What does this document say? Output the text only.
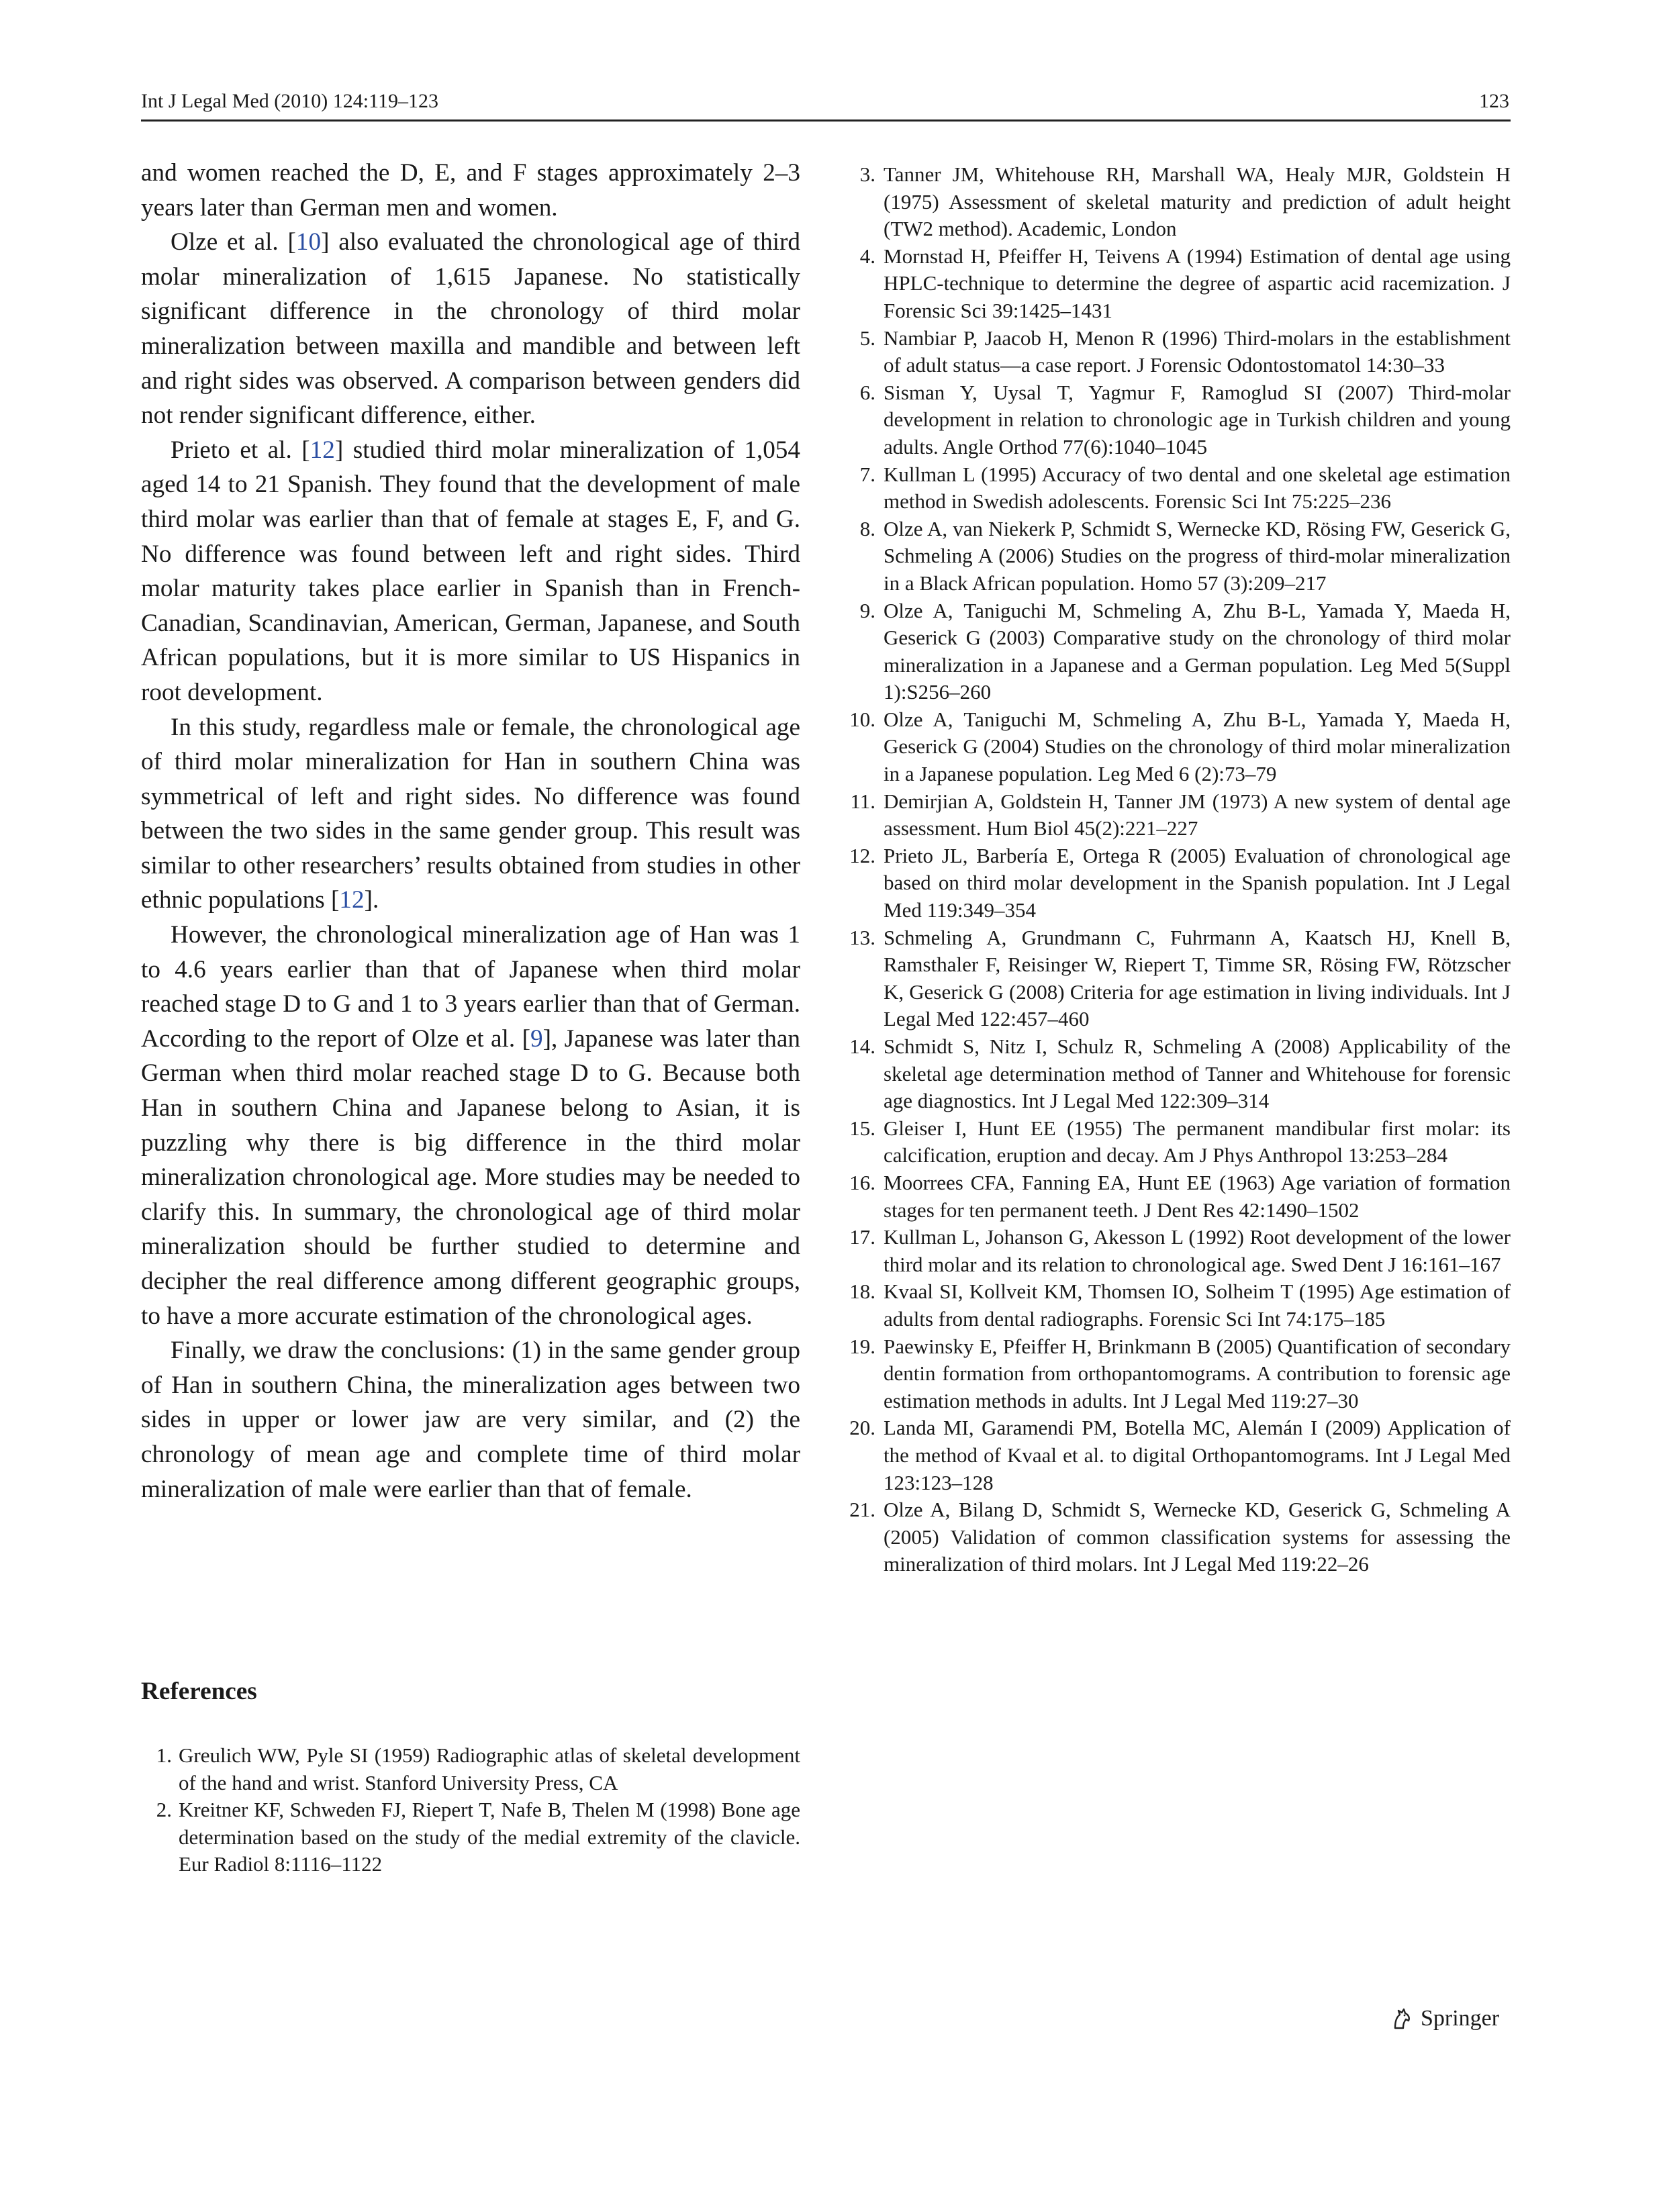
Int J Legal Med (2010) 124:119–123	123

and women reached the D, E, and F stages approximately 2–3 years later than German men and women.

Olze et al. [10] also evaluated the chronological age of third molar mineralization of 1,615 Japanese. No statistically significant difference in the chronology of third molar mineralization between maxilla and mandible and between left and right sides was observed. A comparison between genders did not render significant difference, either.

Prieto et al. [12] studied third molar mineralization of 1,054 aged 14 to 21 Spanish. They found that the development of male third molar was earlier than that of female at stages E, F, and G. No difference was found between left and right sides. Third molar maturity takes place earlier in Spanish than in French-Canadian, Scandinavian, American, German, Japanese, and South African populations, but it is more similar to US Hispanics in root development.

In this study, regardless male or female, the chronological age of third molar mineralization for Han in southern China was symmetrical of left and right sides. No difference was found between the two sides in the same gender group. This result was similar to other researchers’ results obtained from studies in other ethnic populations [12].

However, the chronological mineralization age of Han was 1 to 4.6 years earlier than that of Japanese when third molar reached stage D to G and 1 to 3 years earlier than that of German. According to the report of Olze et al. [9], Japanese was later than German when third molar reached stage D to G. Because both Han in southern China and Japanese belong to Asian, it is puzzling why there is big difference in the third molar mineralization chronological age. More studies may be needed to clarify this. In summary, the chronological age of third molar mineralization should be further studied to determine and decipher the real difference among different geographic groups, to have a more accurate estimation of the chronological ages.

Finally, we draw the conclusions: (1) in the same gender group of Han in southern China, the mineralization ages between two sides in upper or lower jaw are very similar, and (2) the chronology of mean age and complete time of third molar mineralization of male were earlier than that of female.

References
1. Greulich WW, Pyle SI (1959) Radiographic atlas of skeletal development of the hand and wrist. Stanford University Press, CA
2. Kreitner KF, Schweden FJ, Riepert T, Nafe B, Thelen M (1998) Bone age determination based on the study of the medial extremity of the clavicle. Eur Radiol 8:1116–1122
3. Tanner JM, Whitehouse RH, Marshall WA, Healy MJR, Goldstein H (1975) Assessment of skeletal maturity and prediction of adult height (TW2 method). Academic, London
4. Mornstad H, Pfeiffer H, Teivens A (1994) Estimation of dental age using HPLC-technique to determine the degree of aspartic acid racemization. J Forensic Sci 39:1425–1431
5. Nambiar P, Jaacob H, Menon R (1996) Third-molars in the establishment of adult status—a case report. J Forensic Odontostomatol 14:30–33
6. Sisman Y, Uysal T, Yagmur F, Ramoglud SI (2007) Third-molar development in relation to chronologic age in Turkish children and young adults. Angle Orthod 77(6):1040–1045
7. Kullman L (1995) Accuracy of two dental and one skeletal age estimation method in Swedish adolescents. Forensic Sci Int 75:225–236
8. Olze A, van Niekerk P, Schmidt S, Wernecke KD, Rösing FW, Geserick G, Schmeling A (2006) Studies on the progress of third-molar mineralization in a Black African population. Homo 57 (3):209–217
9. Olze A, Taniguchi M, Schmeling A, Zhu B-L, Yamada Y, Maeda H, Geserick G (2003) Comparative study on the chronology of third molar mineralization in a Japanese and a German population. Leg Med 5(Suppl 1):S256–260
10. Olze A, Taniguchi M, Schmeling A, Zhu B-L, Yamada Y, Maeda H, Geserick G (2004) Studies on the chronology of third molar mineralization in a Japanese population. Leg Med 6 (2):73–79
11. Demirjian A, Goldstein H, Tanner JM (1973) A new system of dental age assessment. Hum Biol 45(2):221–227
12. Prieto JL, Barbería E, Ortega R (2005) Evaluation of chronological age based on third molar development in the Spanish population. Int J Legal Med 119:349–354
13. Schmeling A, Grundmann C, Fuhrmann A, Kaatsch HJ, Knell B, Ramsthaler F, Reisinger W, Riepert T, Timme SR, Rösing FW, Rötzscher K, Geserick G (2008) Criteria for age estimation in living individuals. Int J Legal Med 122:457–460
14. Schmidt S, Nitz I, Schulz R, Schmeling A (2008) Applicability of the skeletal age determination method of Tanner and Whitehouse for forensic age diagnostics. Int J Legal Med 122:309–314
15. Gleiser I, Hunt EE (1955) The permanent mandibular first molar: its calcification, eruption and decay. Am J Phys Anthropol 13:253–284
16. Moorrees CFA, Fanning EA, Hunt EE (1963) Age variation of formation stages for ten permanent teeth. J Dent Res 42:1490–1502
17. Kullman L, Johanson G, Akesson L (1992) Root development of the lower third molar and its relation to chronological age. Swed Dent J 16:161–167
18. Kvaal SI, Kollveit KM, Thomsen IO, Solheim T (1995) Age estimation of adults from dental radiographs. Forensic Sci Int 74:175–185
19. Paewinsky E, Pfeiffer H, Brinkmann B (2005) Quantification of secondary dentin formation from orthopantomograms. A contribution to forensic age estimation methods in adults. Int J Legal Med 119:27–30
20. Landa MI, Garamendi PM, Botella MC, Alemán I (2009) Application of the method of Kvaal et al. to digital Orthopantomograms. Int J Legal Med 123:123–128
21. Olze A, Bilang D, Schmidt S, Wernecke KD, Geserick G, Schmeling A (2005) Validation of common classification systems for assessing the mineralization of third molars. Int J Legal Med 119:22–26
Springer
